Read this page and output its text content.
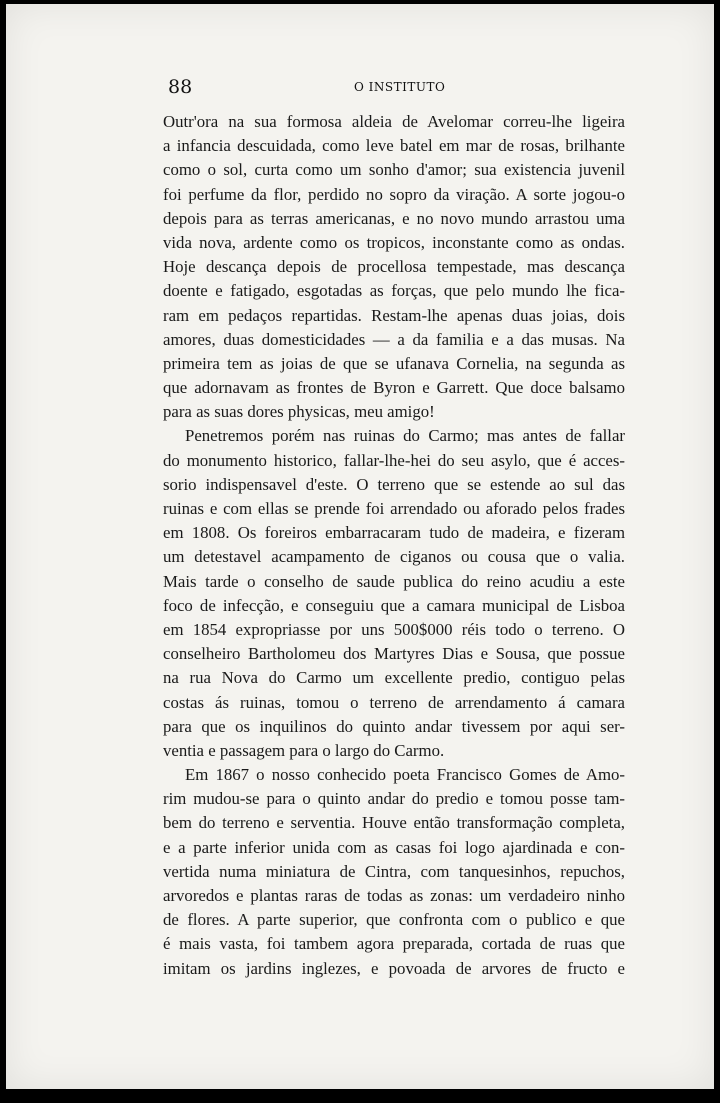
88	O INSTITUTO
Outr'ora na sua formosa aldeia de Avelomar correu-lhe ligeira
a infancia descuidada, como leve batel em mar de rosas, brilhante
como o sol, curta como um sonho d'amor; sua existencia juvenil
foi perfume da flor, perdido no sopro da viração. A sorte jogou-o
depois para as terras americanas, e no novo mundo arrastou uma
vida nova, ardente como os tropicos, inconstante como as ondas.
Hoje descança depois de procellosa tempestade, mas descança
doente e fatigado, esgotadas as forças, que pelo mundo lhe fica-
ram em pedaços repartidas. Restam-lhe apenas duas joias, dois
amores, duas domesticidades — a da familia e a das musas. Na
primeira tem as joias de que se ufanava Cornelia, na segunda as
que adornavam as frontes de Byron e Garrett. Que doce balsamo
para as suas dores physicas, meu amigo!
Penetremos porém nas ruinas do Carmo; mas antes de fallar
do monumento historico, fallar-lhe-hei do seu asylo, que é acces-
sorio indispensavel d'este. O terreno que se estende ao sul das
ruinas e com ellas se prende foi arrendado ou aforado pelos frades
em 1808. Os foreiros embarracaram tudo de madeira, e fizeram
um detestavel acampamento de ciganos ou cousa que o valia.
Mais tarde o conselho de saude publica do reino acudiu a este
foco de infecção, e conseguiu que a camara municipal de Lisboa
em 1854 expropriasse por uns 500$000 réis todo o terreno. O
conselheiro Bartholomeu dos Martyres Dias e Sousa, que possue
na rua Nova do Carmo um excellente predio, contiguo pelas
costas ás ruinas, tomou o terreno de arrendamento á camara
para que os inquilinos do quinto andar tivessem por aqui ser-
ventia e passagem para o largo do Carmo.
Em 1867 o nosso conhecido poeta Francisco Gomes de Amo-
rim mudou-se para o quinto andar do predio e tomou posse tam-
bem do terreno e serventia. Houve então transformação completa,
e a parte inferior unida com as casas foi logo ajardinada e con-
vertida numa miniatura de Cintra, com tanquesinhos, repuchos,
arvoredos e plantas raras de todas as zonas: um verdadeiro ninho
de flores. A parte superior, que confronta com o publico e que
é mais vasta, foi tambem agora preparada, cortada de ruas que
imitam os jardins inglezes, e povoada de arvores de fructo e
